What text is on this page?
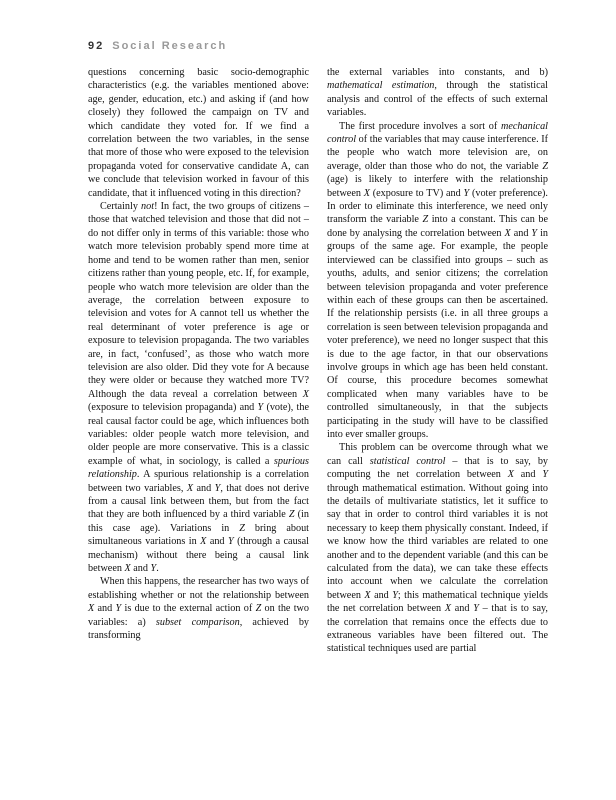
92 Social Research

questions concerning basic socio-demographic characteristics (e.g. the variables mentioned above: age, gender, education, etc.) and asking if (and how closely) they followed the campaign on TV and which candidate they voted for. If we find a correlation between the two variables, in the sense that more of those who were exposed to the television propaganda voted for conservative candidate A, can we conclude that television worked in favour of this candidate, that it influenced voting in this direction?

Certainly not! In fact, the two groups of citizens – those that watched television and those that did not – do not differ only in terms of this variable: those who watch more television probably spend more time at home and tend to be women rather than men, senior citizens rather than young people, etc. If, for example, people who watch more television are older than the average, the correlation between exposure to television and votes for A cannot tell us whether the real determinant of voter preference is age or exposure to television propaganda. The two variables are, in fact, ‘confused’, as those who watch more television are also older. Did they vote for A because they were older or because they watched more TV? Although the data reveal a correlation between X (exposure to television propaganda) and Y (vote), the real causal factor could be age, which influences both variables: older people watch more television, and older people are more conservative. This is a classic example of what, in sociology, is called a spurious relationship. A spurious relationship is a correlation between two variables, X and Y, that does not derive from a causal link between them, but from the fact that they are both influenced by a third variable Z (in this case age). Variations in Z bring about simultaneous variations in X and Y (through a causal mechanism) without there being a causal link between X and Y.

When this happens, the researcher has two ways of establishing whether or not the relationship between X and Y is due to the external action of Z on the two variables: a) subset comparison, achieved by transforming

the external variables into constants, and b) mathematical estimation, through the statistical analysis and control of the effects of such external variables.

The first procedure involves a sort of mechanical control of the variables that may cause interference. If the people who watch more television are, on average, older than those who do not, the variable Z (age) is likely to interfere with the relationship between X (exposure to TV) and Y (voter preference). In order to eliminate this interference, we need only transform the variable Z into a constant. This can be done by analysing the correlation between X and Y in groups of the same age. For example, the people interviewed can be classified into groups – such as youths, adults, and senior citizens; the correlation between television propaganda and voter preference within each of these groups can then be ascertained. If the relationship persists (i.e. in all three groups a correlation is seen between television propaganda and voter preference), we need no longer suspect that this is due to the age factor, in that our observations involve groups in which age has been held constant. Of course, this procedure becomes somewhat complicated when many variables have to be controlled simultaneously, in that the subjects participating in the study will have to be classified into ever smaller groups.

This problem can be overcome through what we can call statistical control – that is to say, by computing the net correlation between X and Y through mathematical estimation. Without going into the details of multivariate statistics, let it suffice to say that in order to control third variables it is not necessary to keep them physically constant. Indeed, if we know how the third variables are related to one another and to the dependent variable (and this can be calculated from the data), we can take these effects into account when we calculate the correlation between X and Y; this mathematical technique yields the net correlation between X and Y – that is to say, the correlation that remains once the effects due to extraneous variables have been filtered out. The statistical techniques used are partial
